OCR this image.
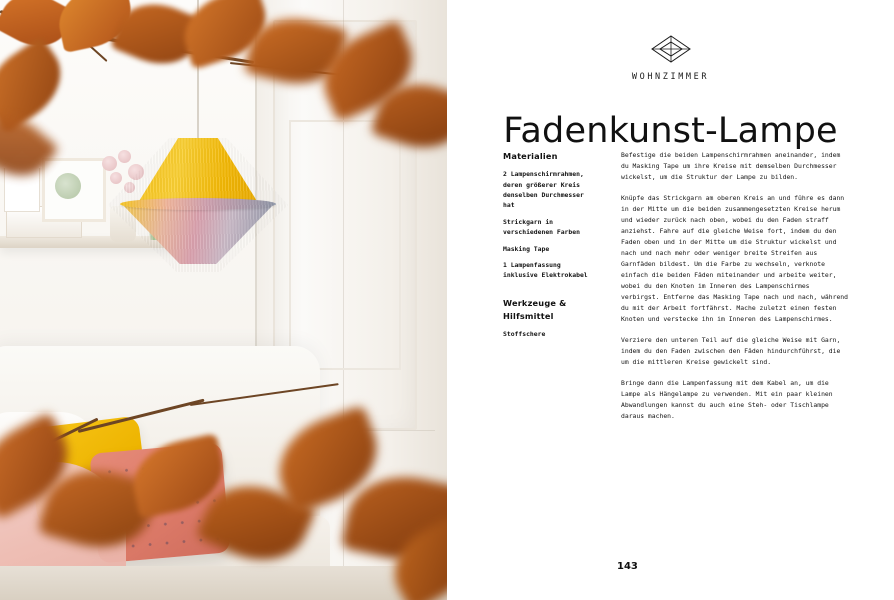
WOHNZIMMER
Fadenkunst-Lampe
Materialien

2 Lampenschirmrahmen, deren größerer Kreis denselben Durchmesser hat

Strickgarn in verschiedenen Farben

Masking Tape

1 Lampenfassung inklusive Elektrokabel

Werkzeuge & Hilfsmittel

Stoffschere

Befestige die beiden Lampenschirmrahmen aneinander, indem du Masking Tape um ihre Kreise mit demselben Durchmesser wickelst, um die Struktur der Lampe zu bilden.

Knüpfe das Strickgarn am oberen Kreis an und führe es dann in der Mitte um die beiden zusammengesetzten Kreise herum und wieder zurück nach oben, wobei du den Faden straff anziehst. Fahre auf die gleiche Weise fort, indem du den Faden oben und in der Mitte um die Struktur wickelst und nach und nach mehr oder weniger breite Streifen aus Garnfäden bildest. Um die Farbe zu wechseln, verknote einfach die beiden Fäden miteinander und arbeite weiter, wobei du den Knoten im Inneren des Lampenschirmes verbirgst. Entferne das Masking Tape nach und nach, während du mit der Arbeit fortfährst. Mache zuletzt einen festen Knoten und verstecke ihn im Inneren des Lampenschirmes.

Verziere den unteren Teil auf die gleiche Weise mit Garn, indem du den Faden zwischen den Fäden hindurchführst, die um die mittleren Kreise gewickelt sind.

Bringe dann die Lampenfassung mit dem Kabel an, um die Lampe als Hängelampe zu verwenden. Mit ein paar kleinen Abwandlungen kannst du auch eine Steh- oder Tischlampe daraus machen.

143
